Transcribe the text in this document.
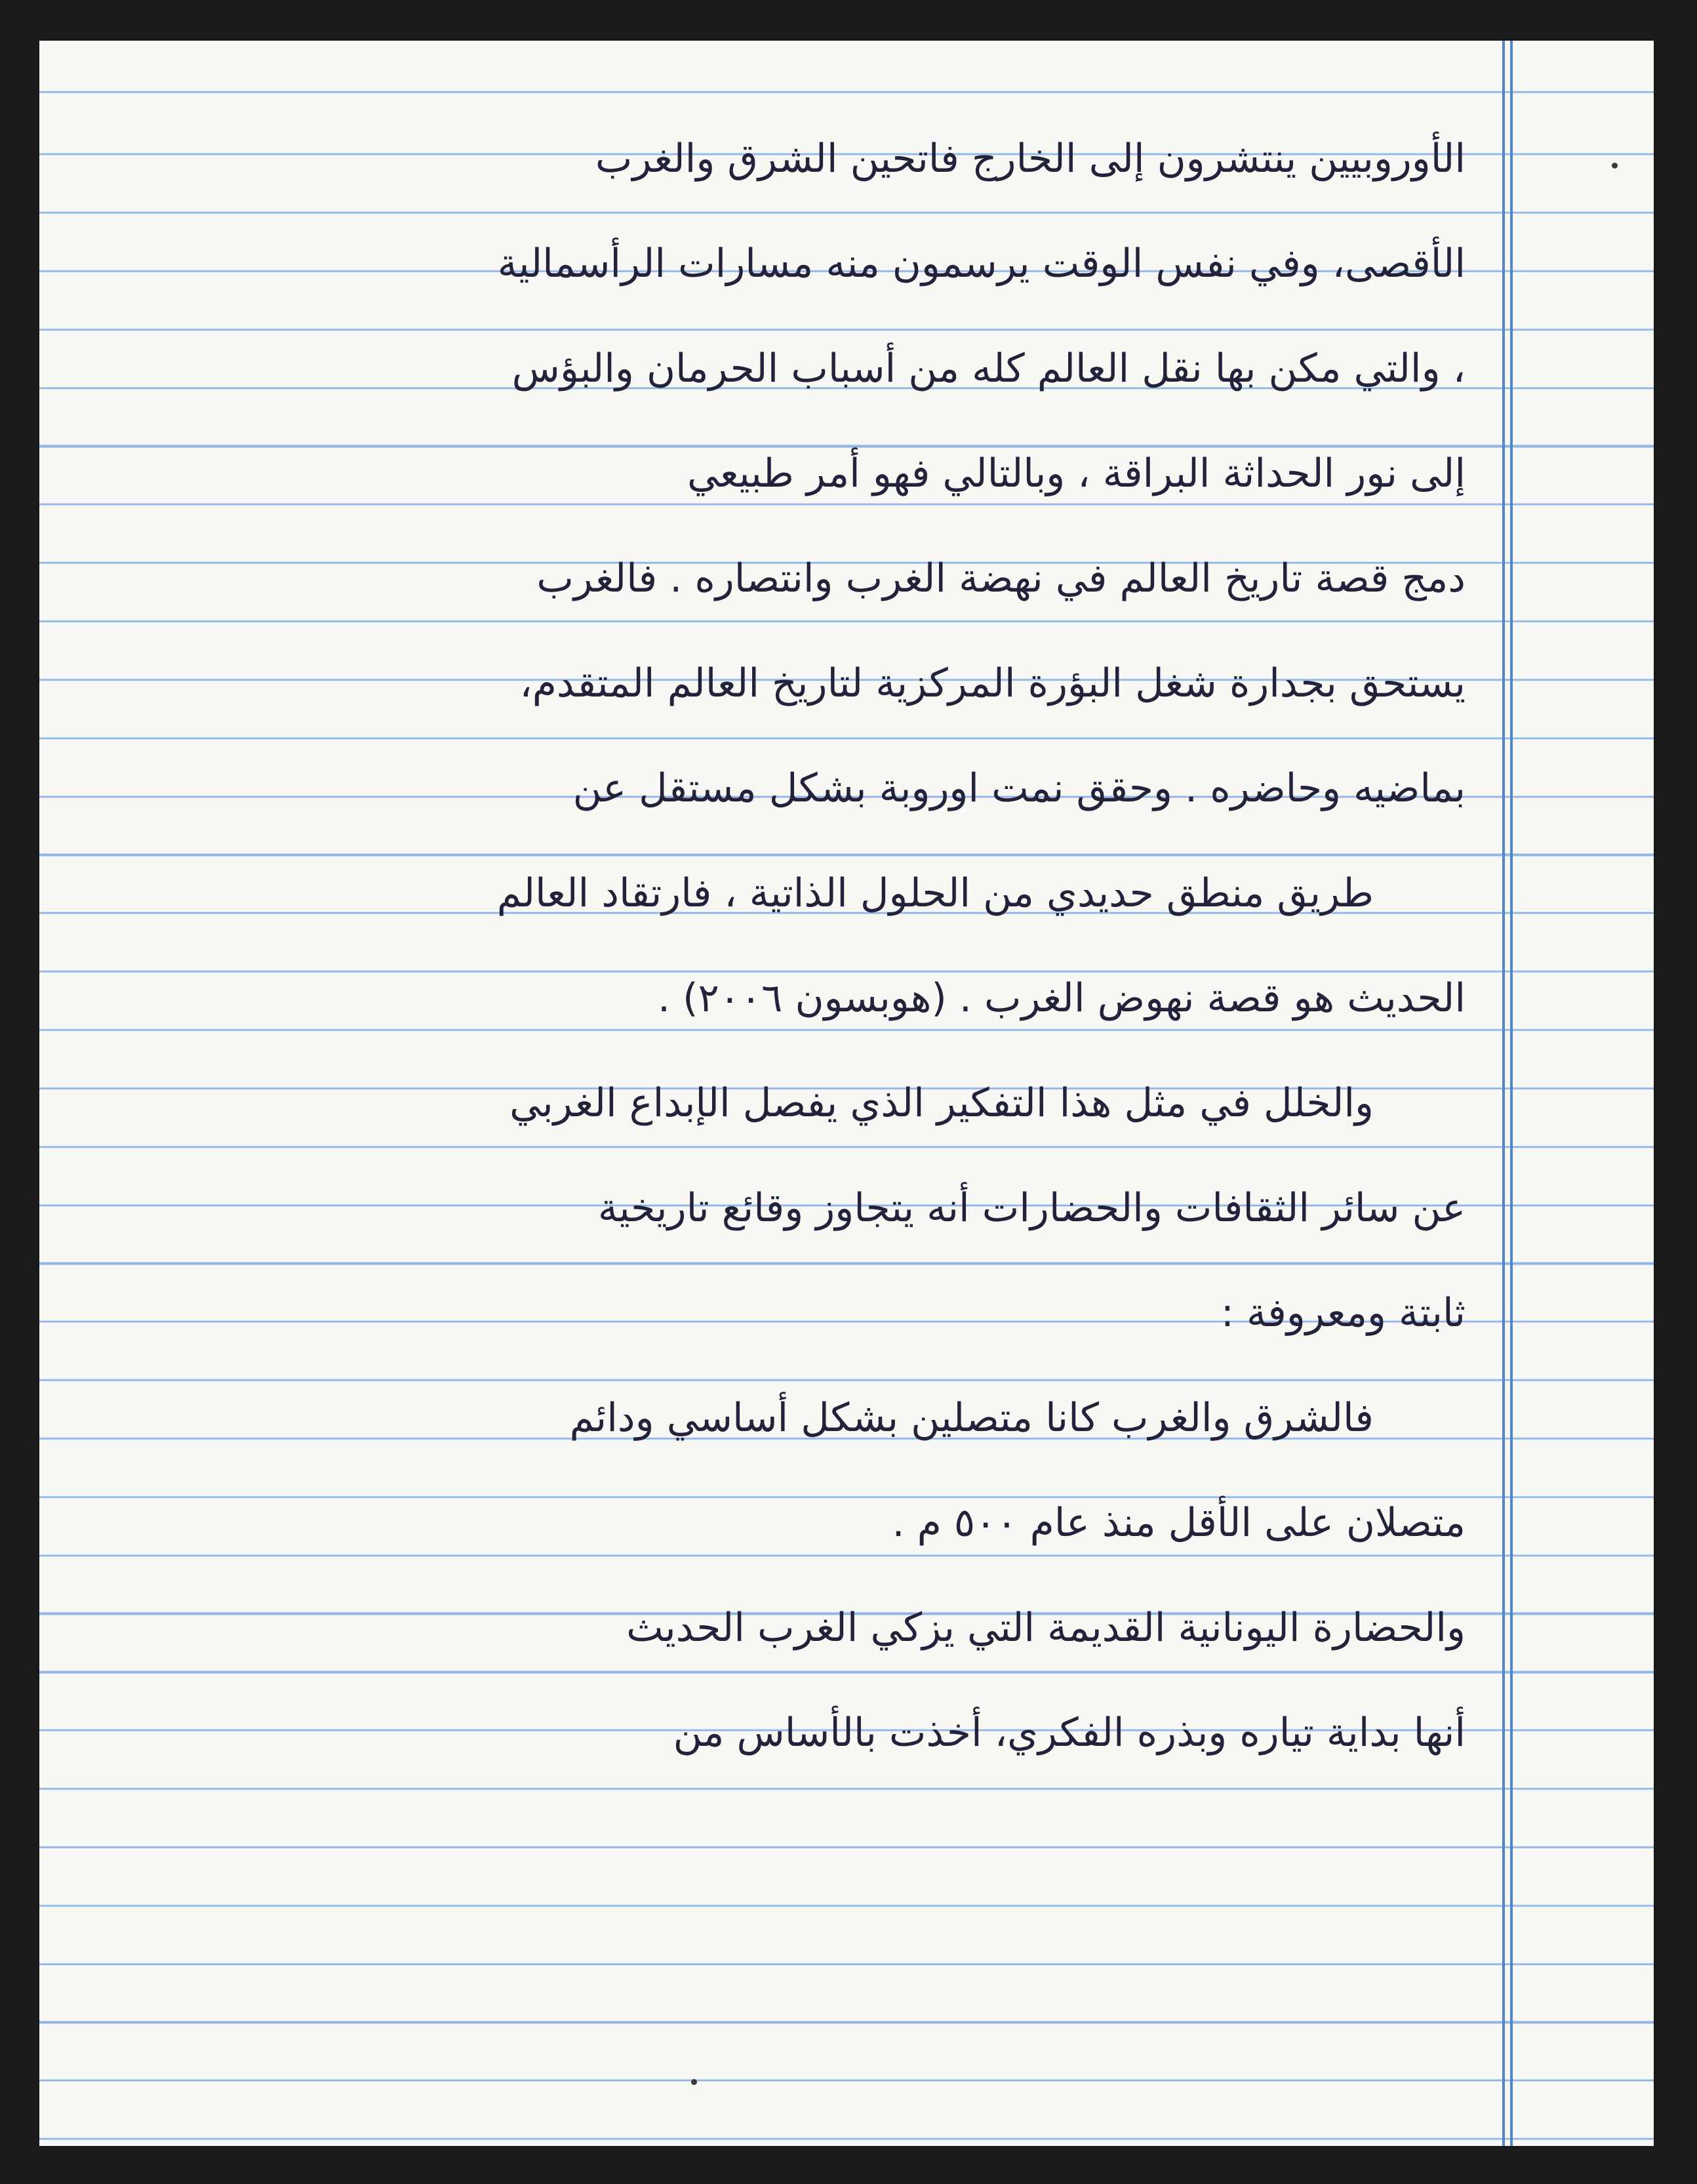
الأوروبيين ينتشرون إلى الخارج فاتحين الشرق والغرب
الأقصى، وفي نفس الوقت يرسمون منه مسارات الرأسمالية
، والتي مكن بها نقل العالم كله من أسباب الحرمان والبؤس
إلى نور الحداثة البراقة ، وبالتالي فهو أمر طبيعي
دمج قصة تاريخ العالم في نهضة الغرب وانتصاره . فالغرب
يستحق بجدارة شغل البؤرة المركزية لتاريخ العالم المتقدم،
بماضيه وحاضره . وحقق نمت اوروبة بشكل مستقل عن
طريق منطق حديدي من الحلول الذاتية ، فارتقاد العالم
الحديث هو قصة نهوض الغرب . (هوبسون ٢٠٠٦) .
والخلل في مثل هذا التفكير الذي يفصل الإبداع الغربي
عن سائر الثقافات والحضارات أنه يتجاوز وقائع تاريخية
ثابتة ومعروفة :
فالشرق والغرب كانا متصلين بشكل أساسي ودائم
متصلان على الأقل منذ عام ٥٠٠ م .
والحضارة اليونانية القديمة التي يزكي الغرب الحديث
أنها بداية تياره وبذره الفكري، أخذت بالأساس من
